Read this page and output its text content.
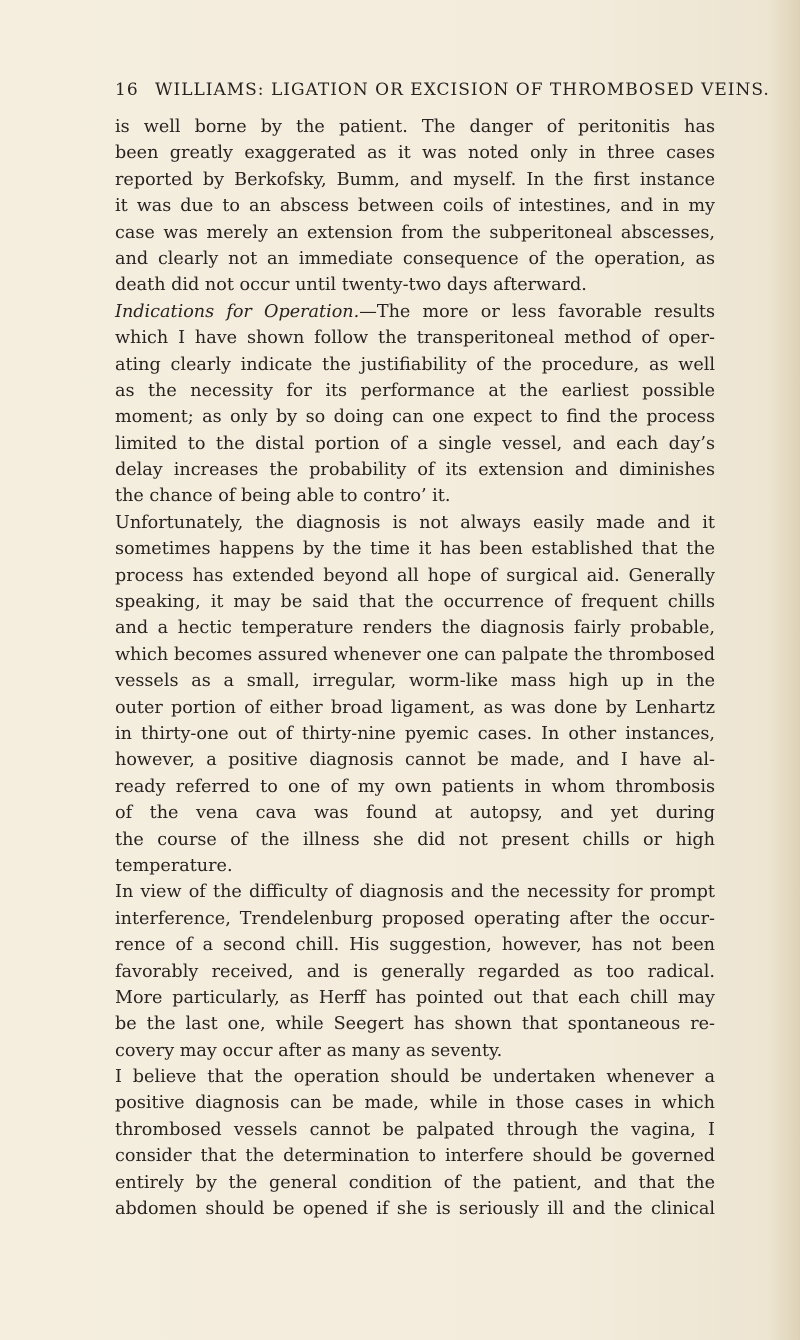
16 WILLIAMS: LIGATION OR EXCISION OF THROMBOSED VEINS.
is well borne by the patient. The danger of peritonitis has
been greatly exaggerated as it was noted only in three cases
reported by Berkofsky, Bumm, and myself. In the first instance
it was due to an abscess between coils of intestines, and in my
case was merely an extension from the subperitoneal abscesses,
and clearly not an immediate consequence of the operation, as
death did not occur until twenty-two days afterward.
Indications for Operation.—The more or less favorable results
which I have shown follow the transperitoneal method of oper-
ating clearly indicate the justifiability of the procedure, as well
as the necessity for its performance at the earliest possible
moment; as only by so doing can one expect to find the process
limited to the distal portion of a single vessel, and each day’s
delay increases the probability of its extension and diminishes
the chance of being able to contro’ it.
Unfortunately, the diagnosis is not always easily made and it
sometimes happens by the time it has been established that the
process has extended beyond all hope of surgical aid. Generally
speaking, it may be said that the occurrence of frequent chills
and a hectic temperature renders the diagnosis fairly probable,
which becomes assured whenever one can palpate the thrombosed
vessels as a small, irregular, worm-like mass high up in the
outer portion of either broad ligament, as was done by Lenhartz
in thirty-one out of thirty-nine pyemic cases. In other instances,
however, a positive diagnosis cannot be made, and I have al-
ready referred to one of my own patients in whom thrombosis
of the vena cava was found at autopsy, and yet during
the course of the illness she did not present chills or high
temperature.
In view of the difficulty of diagnosis and the necessity for prompt
interference, Trendelenburg proposed operating after the occur-
rence of a second chill. His suggestion, however, has not been
favorably received, and is generally regarded as too radical.
More particularly, as Herff has pointed out that each chill may
be the last one, while Seegert has shown that spontaneous re-
covery may occur after as many as seventy.
I believe that the operation should be undertaken whenever a
positive diagnosis can be made, while in those cases in which
thrombosed vessels cannot be palpated through the vagina, I
consider that the determination to interfere should be governed
entirely by the general condition of the patient, and that the
abdomen should be opened if she is seriously ill and the clinical
